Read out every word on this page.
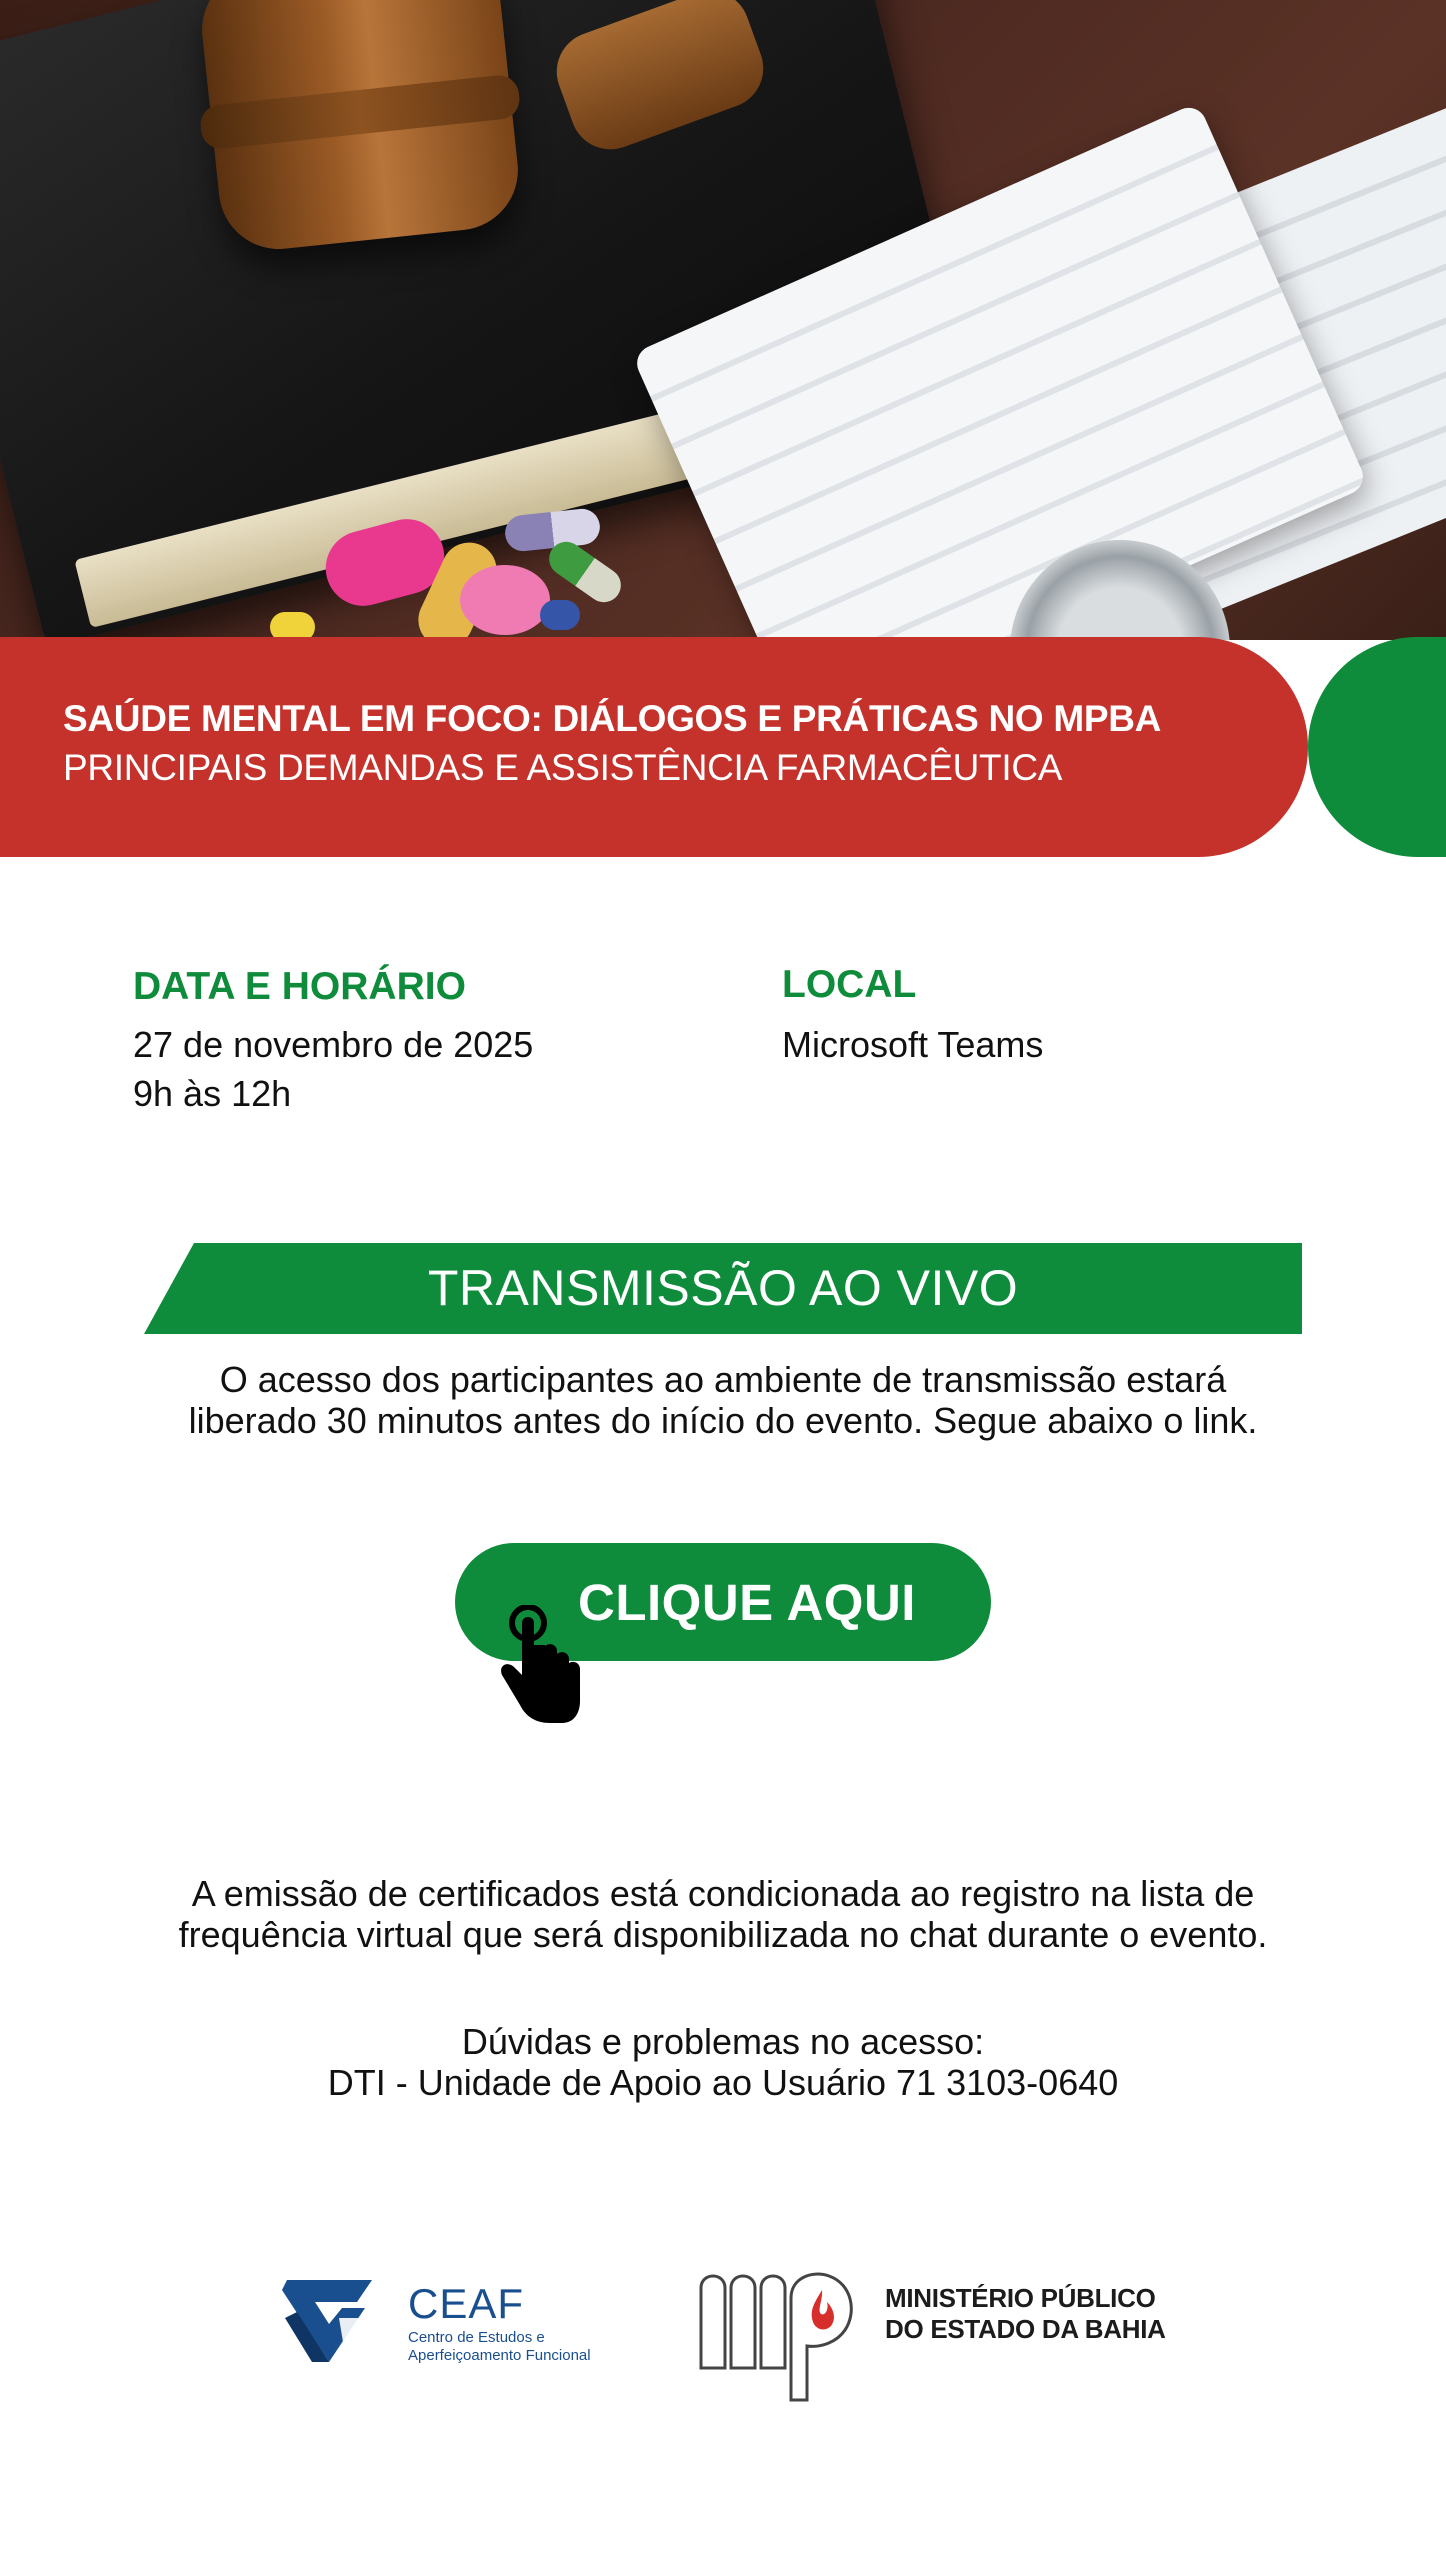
SAÚDE MENTAL EM FOCO: DIÁLOGOS E PRÁTICAS NO MPBA
PRINCIPAIS DEMANDAS E ASSISTÊNCIA FARMACÊUTICA
DATA E HORÁRIO
27 de novembro de 2025
9h às 12h
LOCAL
Microsoft Teams
TRANSMISSÃO AO VIVO
O acesso dos participantes ao ambiente de transmissão estará
liberado 30 minutos antes do início do evento. Segue abaixo o link.
CLIQUE AQUI
A emissão de certificados está condicionada ao registro na lista de
frequência virtual que será disponibilizada no chat durante o evento.
Dúvidas e problemas no acesso:
DTI - Unidade de Apoio ao Usuário 71 3103-0640
CEAF
Centro de Estudos e
Aperfeiçoamento Funcional
MINISTÉRIO PÚBLICO
DO ESTADO DA BAHIA
